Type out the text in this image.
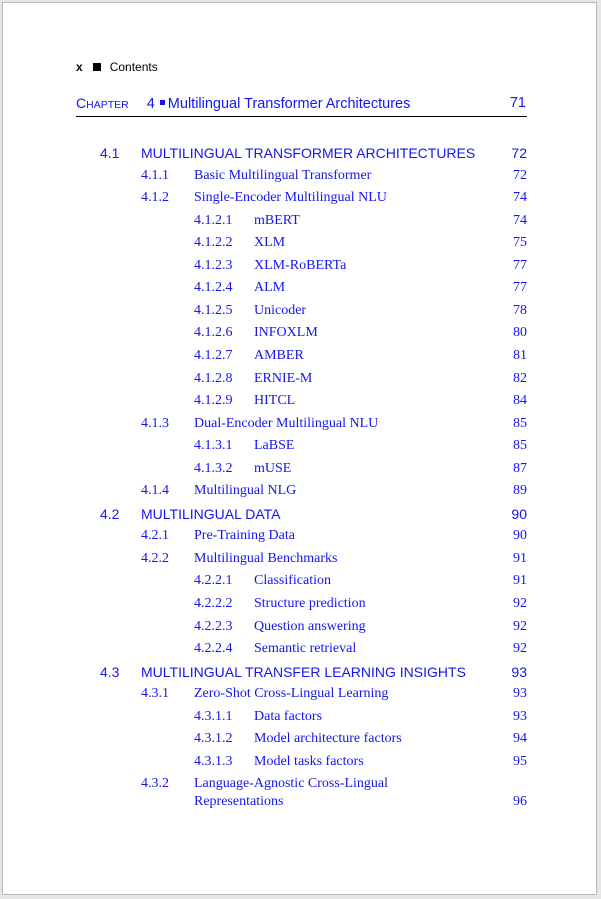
x Contents
CHAPTER 4 Multilingual Transformer Architectures	71
4.1 MULTILINGUAL TRANSFORMER ARCHITECTURES	72
4.1.1 Basic Multilingual Transformer	72
4.1.2 Single-Encoder Multilingual NLU	74
4.1.2.1 mBERT	74
4.1.2.2 XLM	75
4.1.2.3 XLM-RoBERTa	77
4.1.2.4 ALM	77
4.1.2.5 Unicoder	78
4.1.2.6 INFOXLM	80
4.1.2.7 AMBER	81
4.1.2.8 ERNIE-M	82
4.1.2.9 HITCL	84
4.1.3 Dual-Encoder Multilingual NLU	85
4.1.3.1 LaBSE	85
4.1.3.2 mUSE	87
4.1.4 Multilingual NLG	89
4.2 MULTILINGUAL DATA	90
4.2.1 Pre-Training Data	90
4.2.2 Multilingual Benchmarks	91
4.2.2.1 Classification	91
4.2.2.2 Structure prediction	92
4.2.2.3 Question answering	92
4.2.2.4 Semantic retrieval	92
4.3 MULTILINGUAL TRANSFER LEARNING INSIGHTS	93
4.3.1 Zero-Shot Cross-Lingual Learning	93
4.3.1.1 Data factors	93
4.3.1.2 Model architecture factors	94
4.3.1.3 Model tasks factors	95
4.3.2 Language-Agnostic Cross-Lingual
Representations	96
